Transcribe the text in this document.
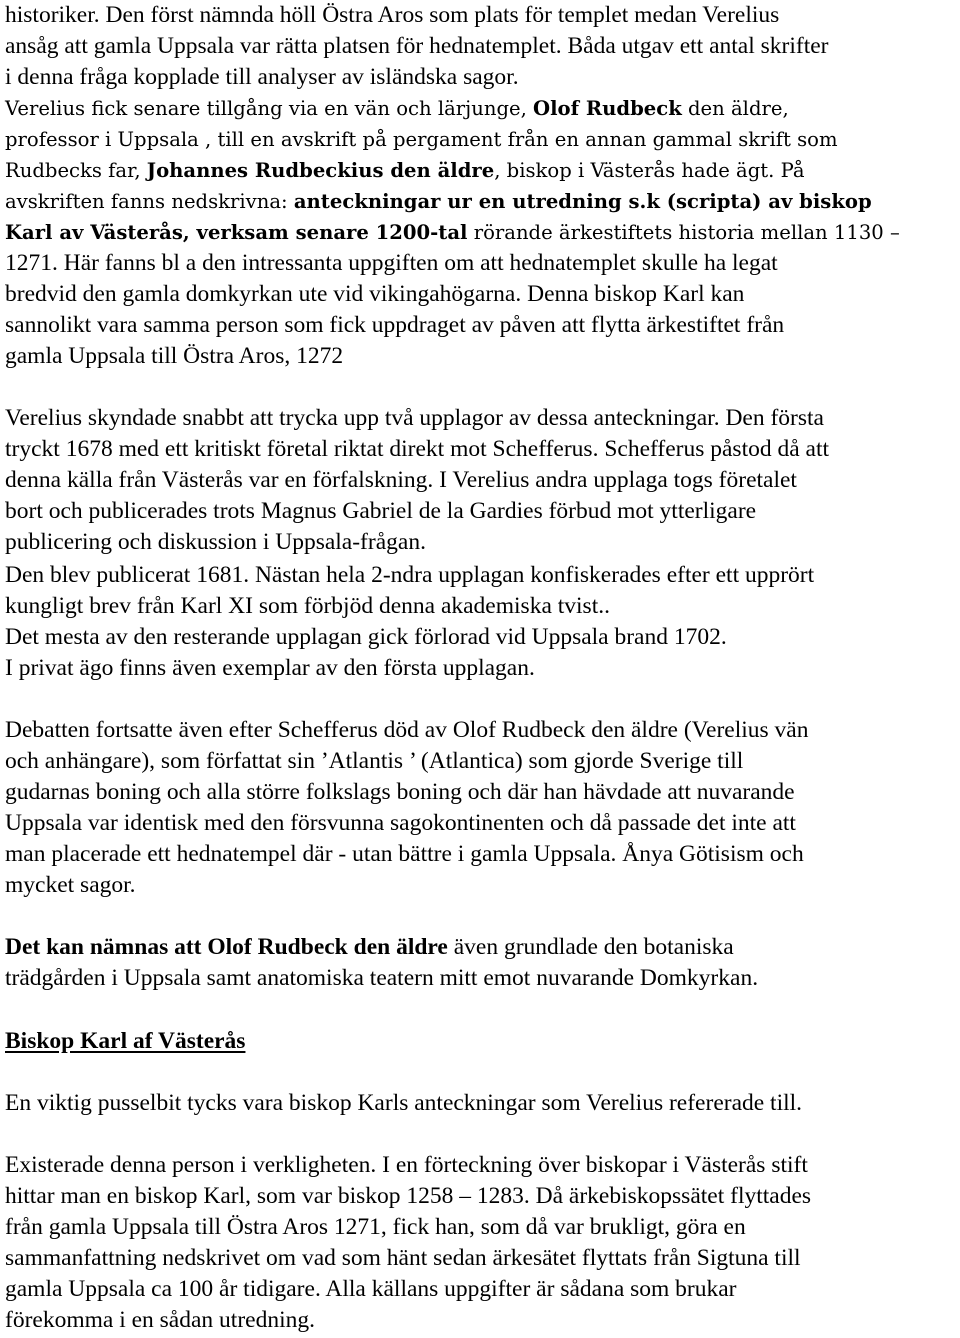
historiker. Den först nämnda höll Östra Aros som plats för templet medan Verelius
ansåg att gamla Uppsala var rätta platsen för hednatemplet. Båda utgav ett antal skrifter
i denna fråga kopplade till analyser av isländska sagor.
Verelius fick senare tillgång via en vän och lärjunge, Olof Rudbeck den äldre,
professor i Uppsala , till en avskrift på pergament från en annan gammal skrift som
Rudbecks far, Johannes Rudbeckius den äldre, biskop i Västerås hade ägt. På
avskriften fanns nedskrivna: anteckningar ur en utredning s.k (scripta) av biskop
Karl av Västerås, verksam senare 1200-tal rörande ärkestiftets historia mellan 1130 –
1271. Här fanns bl a den intressanta uppgiften om att hednatemplet skulle ha legat
bredvid den gamla domkyrkan ute vid vikingahögarna. Denna biskop Karl kan
sannolikt vara samma person som fick uppdraget av påven att flytta ärkestiftet från
gamla Uppsala till Östra Aros, 1272
Verelius skyndade snabbt att trycka upp två upplagor av dessa anteckningar. Den första
tryckt 1678 med ett kritiskt företal riktat direkt mot Schefferus. Schefferus påstod då att
denna källa från Västerås var en förfalskning. I Verelius andra upplaga togs företalet
bort och publicerades trots Magnus Gabriel de la Gardies förbud mot ytterligare
publicering och diskussion i Uppsala-frågan.
Den blev publicerat 1681. Nästan hela 2-ndra upplagan konfiskerades efter ett upprört
kungligt brev från Karl XI som förbjöd denna akademiska tvist..
Det mesta av den resterande upplagan gick förlorad vid Uppsala brand 1702.
I privat ägo finns även exemplar av den första upplagan.
Debatten fortsatte även efter Schefferus död av Olof Rudbeck den äldre (Verelius vän
och anhängare), som författat sin ’Atlantis ’ (Atlantica) som gjorde Sverige till
gudarnas boning och alla större folkslags boning och där han hävdade att nuvarande
Uppsala var identisk med den försvunna sagokontinenten och då passade det inte att
man placerade ett hednatempel där - utan bättre i gamla Uppsala. Ånya Götisism och
mycket sagor.
Det kan nämnas att Olof Rudbeck den äldre även grundlade den botaniska
trädgården i Uppsala samt anatomiska teatern mitt emot nuvarande Domkyrkan.
Biskop Karl af Västerås
En viktig pusselbit tycks vara biskop Karls anteckningar som Verelius refererade till.
Existerade denna person i verkligheten. I en förteckning över biskopar i Västerås stift
hittar man en biskop Karl, som var biskop 1258 – 1283. Då ärkebiskopssätet flyttades
från gamla Uppsala till Östra Aros 1271, fick han, som då var brukligt, göra en
sammanfattning nedskrivet om vad som hänt sedan ärkesätet flyttats från Sigtuna till
gamla Uppsala ca 100 år tidigare. Alla källans uppgifter är sådana som brukar
förekomma i en sådan utredning.
